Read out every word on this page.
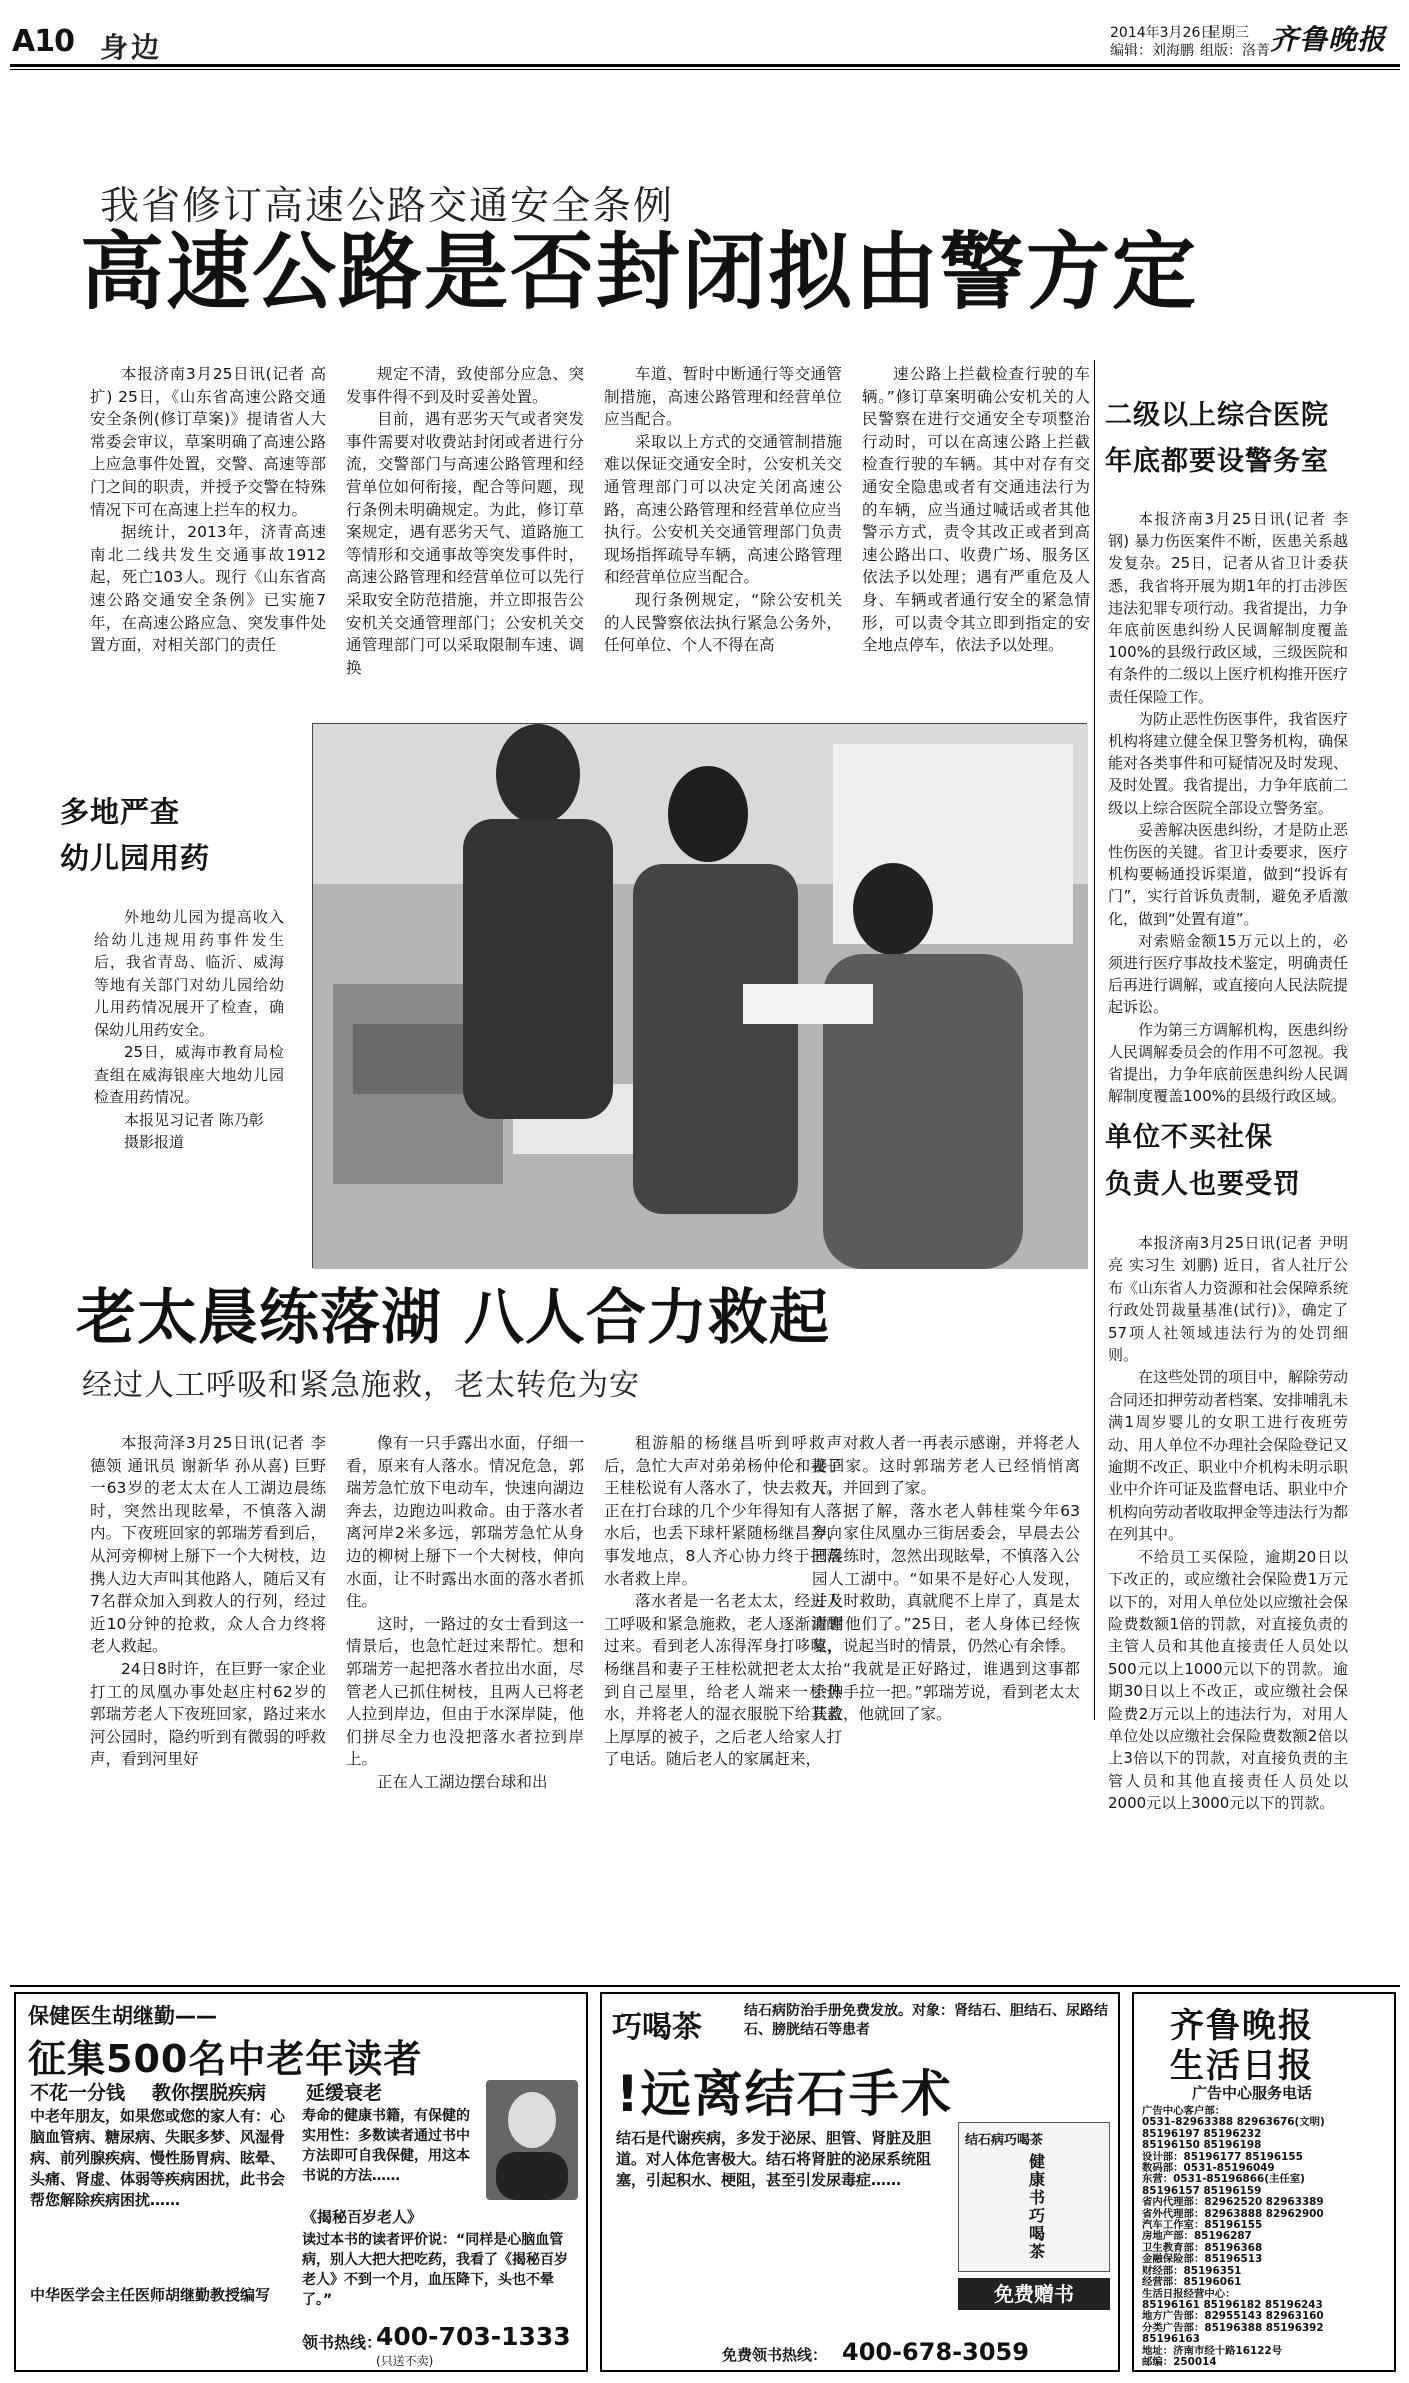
A10 身边	2014年3月26日
星期三
编辑：刘海鹏 组版：洛菁 齐鲁晚报
我省修订高速公路交通安全条例
高速公路是否封闭拟由警方定

本报济南3月25日讯(记者 高扩) 25日，《山东省高速公路交通安全条例(修订草案)》提请省人大常委会审议，草案明确了高速公路上应急事件处置，交警、高速等部门之间的职责，并授予交警在特殊情况下可在高速上拦车的权力。

据统计，2013年，济青高速南北二线共发生交通事故1912起，死亡103人。现行《山东省高速公路交通安全条例》已实施7年，在高速公路应急、突发事件处置方面，对相关部门的责任

规定不清，致使部分应急、突发事件得不到及时妥善处置。

目前，遇有恶劣天气或者突发事件需要对收费站封闭或者进行分流，交警部门与高速公路管理和经营单位如何衔接，配合等问题，现行条例未明确规定。为此，修订草案规定，遇有恶劣天气、道路施工等情形和交通事故等突发事件时，高速公路管理和经营单位可以先行采取安全防范措施，并立即报告公安机关交通管理部门；公安机关交通管理部门可以采取限制车速、调换

车道、暂时中断通行等交通管制措施，高速公路管理和经营单位应当配合。

采取以上方式的交通管制措施难以保证交通安全时，公安机关交通管理部门可以决定关闭高速公路，高速公路管理和经营单位应当执行。公安机关交通管理部门负责现场指挥疏导车辆，高速公路管理和经营单位应当配合。

现行条例规定，“除公安机关的人民警察依法执行紧急公务外，任何单位、个人不得在高

速公路上拦截检查行驶的车辆。”修订草案明确公安机关的人民警察在进行交通安全专项整治行动时，可以在高速公路上拦截检查行驶的车辆。其中对存有交通安全隐患或者有交通违法行为的车辆，应当通过喊话或者其他警示方式，责令其改正或者到高速公路出口、收费广场、服务区依法予以处理；遇有严重危及人身、车辆或者通行安全的紧急情形，可以责令其立即到指定的安全地点停车，依法予以处理。

二级以上综合医院
年底都要设警务室

本报济南3月25日讯(记者 李钢) 暴力伤医案件不断，医患关系越发复杂。25日，记者从省卫计委获悉，我省将开展为期1年的打击涉医违法犯罪专项行动。我省提出，力争年底前医患纠纷人民调解制度覆盖100%的县级行政区域，三级医院和有条件的二级以上医疗机构推开医疗责任保险工作。

为防止恶性伤医事件，我省医疗机构将建立健全保卫警务机构，确保能对各类事件和可疑情况及时发现、及时处置。我省提出，力争年底前二级以上综合医院全部设立警务室。

妥善解决医患纠纷，才是防止恶性伤医的关键。省卫计委要求，医疗机构要畅通投诉渠道，做到“投诉有门”，实行首诉负责制，避免矛盾激化，做到“处置有道”。

对索赔金额15万元以上的，必须进行医疗事故技术鉴定，明确责任后再进行调解，或直接向人民法院提起诉讼。

作为第三方调解机构，医患纠纷人民调解委员会的作用不可忽视。我省提出，力争年底前医患纠纷人民调解制度覆盖100%的县级行政区域。

多地严查
幼儿园用药

外地幼儿园为提高收入给幼儿违规用药事件发生后，我省青岛、临沂、威海等地有关部门对幼儿园给幼儿用药情况展开了检查，确保幼儿用药安全。

25日，威海市教育局检查组在威海银座大地幼儿园检查用药情况。

本报见习记者 陈乃彰

摄影报道	单位不买社保
负责人也要受罚

本报济南3月25日讯(记者 尹明亮 实习生 刘鹏) 近日，省人社厅公布《山东省人力资源和社会保障系统行政处罚裁量基准(试行)》，确定了57项人社领域违法行为的处罚细则。

在这些处罚的项目中，解除劳动合同还扣押劳动者档案、安排哺乳未满1周岁婴儿的女职工进行夜班劳动、用人单位不办理社会保险登记又逾期不改正、职业中介机构未明示职业中介许可证及监督电话、职业中介机构向劳动者收取押金等违法行为都在列其中。

不给员工买保险，逾期20日以下改正的，或应缴社会保险费1万元以下的，对用人单位处以应缴社会保险费数额1倍的罚款，对直接负责的主管人员和其他直接责任人员处以500元以上1000元以下的罚款。逾期30日以上不改正，或应缴社会保险费2万元以上的违法行为，对用人单位处以应缴社会保险费数额2倍以上3倍以下的罚款，对直接负责的主管人员和其他直接责任人员处以2000元以上3000元以下的罚款。

老太晨练落湖 八人合力救起
经过人工呼吸和紧急施救，老太转危为安

本报菏泽3月25日讯(记者 李德领 通讯员 谢新华 孙从喜) 巨野一63岁的老太太在人工湖边晨练时，突然出现眩晕，不慎落入湖内。下夜班回家的郭瑞芳看到后，从河旁柳树上掰下一个大树枝，边携人边大声叫其他路人，随后又有7名群众加入到救人的行列，经过近10分钟的抢救，众人合力终将老人救起。

24日8时许，在巨野一家企业打工的凤凰办事处赵庄村62岁的郭瑞芳老人下夜班回家，路过来水河公园时，隐约听到有微弱的呼救声，看到河里好

像有一只手露出水面，仔细一看，原来有人落水。情况危急，郭瑞芳急忙放下电动车，快速向湖边奔去，边跑边叫救命。由于落水者离河岸2米多远，郭瑞芳急忙从身边的柳树上掰下一个大树枝，伸向水面，让不时露出水面的落水者抓住。

这时，一路过的女士看到这一情景后，也急忙赶过来帮忙。想和郭瑞芳一起把落水者拉出水面，尽管老人已抓住树枝，且两人已将老人拉到岸边，但由于水深岸陡，他们拼尽全力也没把落水者拉到岸上。

正在人工湖边摆台球和出

租游船的杨继昌听到呼救声后，急忙大声对弟弟杨仲伦和妻子王桂松说有人落水了，快去救人。正在打台球的几个少年得知有人落水后，也丢下球杆紧随杨继昌奔向事发地点，8人齐心协力终于把落水者救上岸。

落水者是一名老太太，经过人工呼吸和紧急施救，老人逐渐清醒过来。看到老人冻得浑身打哆嗦，杨继昌和妻子王桂松就把老太太抬到自己屋里，给老人端来一杯热水，并将老人的湿衣服脱下给其盖上厚厚的被子，之后老人给家人打了电话。随后老人的家属赶来，

对救人者一再表示感谢，并将老人接回家。这时郭瑞芳老人已经悄悄离开，并回到了家。

据了解，落水老人韩桂棠今年63岁，家住凤凰办三街居委会，早晨去公园晨练时，忽然出现眩晕，不慎落入公园人工湖中。“如果不是好心人发现，并及时救助，真就爬不上岸了，真是太谢谢他们了。”25日，老人身体已经恢复，说起当时的情景，仍然心有余悸。

“我就是正好路过，谁遇到这事都会伸手拉一把。”郭瑞芳说，看到老太太获救，他就回了家。

保健医生胡继勤——
征集500名中老年读者
不花一分钱 教你摆脱疾病 延缓衰老
中老年朋友，如果您或您的家人有：心脑血管病、糖尿病、失眠多梦、风湿骨病、前列腺疾病、慢性肠胃病、眩晕、头痛、肾虚、体弱等疾病困扰，此书会帮您解除疾病困扰……
《揭秘百岁老人》
寿命的健康书籍，有保健的实用性：多数读者通过书中方法即可自我保健，用这本书说的方法……
读过本书的读者评价说：“同样是心脑血管病，别人大把大把吃药，我看了《揭秘百岁老人》不到一个月，血压降下，头也不晕了。”
中华医学会主任医师胡继勤教授编写
领书热线：
400-703-1333
(只送不卖)
巧喝茶	结石病防治手册免费发放。对象：肾结石、胆结石、尿路结石、膀胱结石等患者
!远离结石手术
结石是代谢疾病，多发于泌尿、胆管、肾脏及胆道。对人体危害极大。结石将肾脏的泌尿系统阻塞，引起积水、梗阻，甚至引发尿毒症……
结石病巧喝茶
健康书 巧喝茶
免费赠书
免费领书热线： 400-678-3059
齐鲁晚报
生活日报
广告中心服务电话
广告中心客户部：
0531-82963388 82963676(文明)
85196197 85196232
85196150 85196198
设计部：85196177 85196155
数码部：0531-85196049
东营：0531-85196866(主任室)
85196157 85196159
省内代理部：82962520 82963389
省外代理部：82963888 82962900
汽车工作室：85196155
房地产部：85196287
卫生教育部：85196368
金融保险部：85196513
财经部：85196351
经营部：85196061
生活日报经营中心：
85196161 85196182 85196243
地方广告部：82955143 82963160
分类广告部：85196388 85196392
85196163
地址：济南市经十路16122号
邮编：250014
